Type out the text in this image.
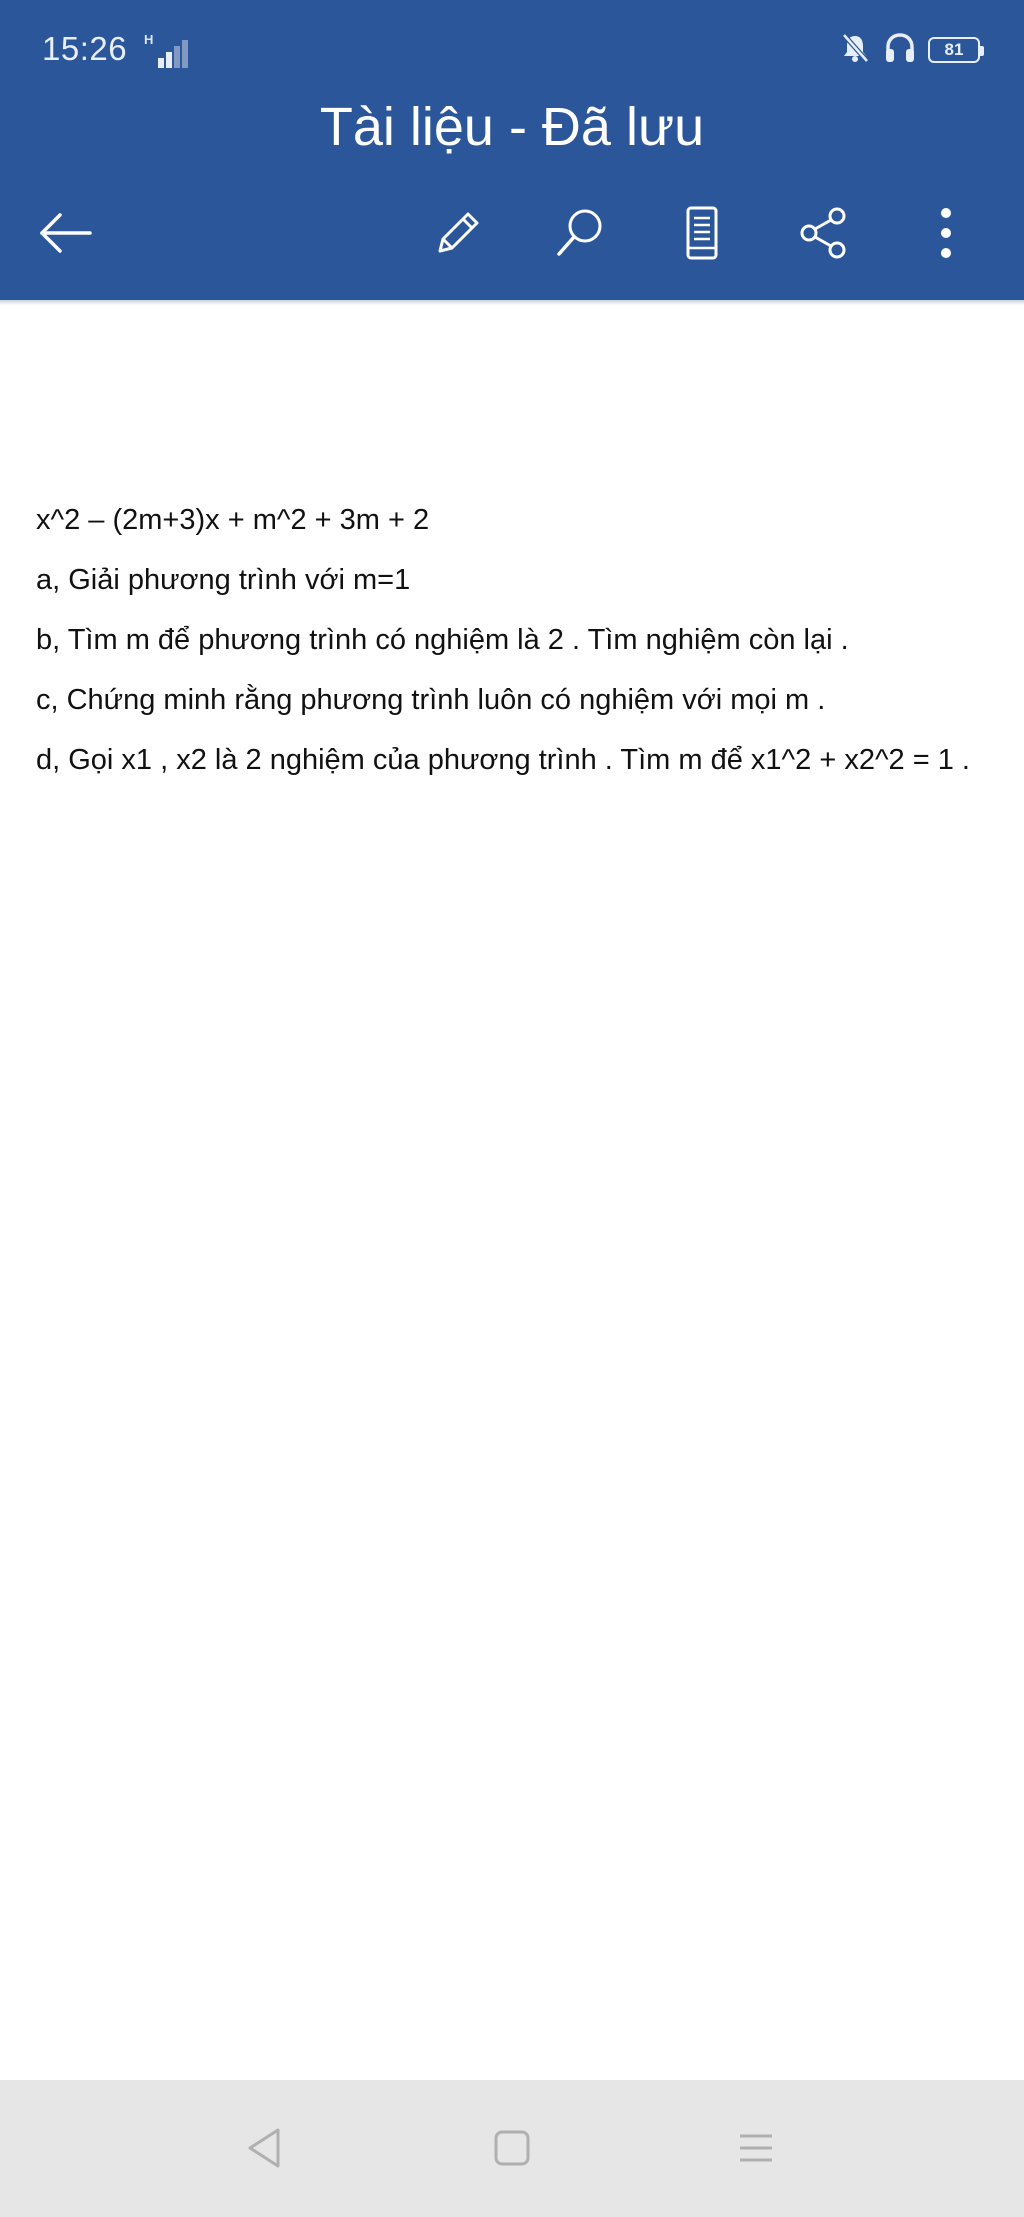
15:26 H
81
Tài liệu - Đã lưu
x^2 – (2m+3)x + m^2 + 3m + 2
a, Giải phương trình với m=1
b, Tìm m để phương trình có nghiệm là 2 . Tìm nghiệm còn lại .
c, Chứng minh rằng phương trình luôn có nghiệm với mọi m .
d, Gọi x1 , x2 là 2 nghiệm của phương trình . Tìm m để x1^2 + x2^2 = 1 .
